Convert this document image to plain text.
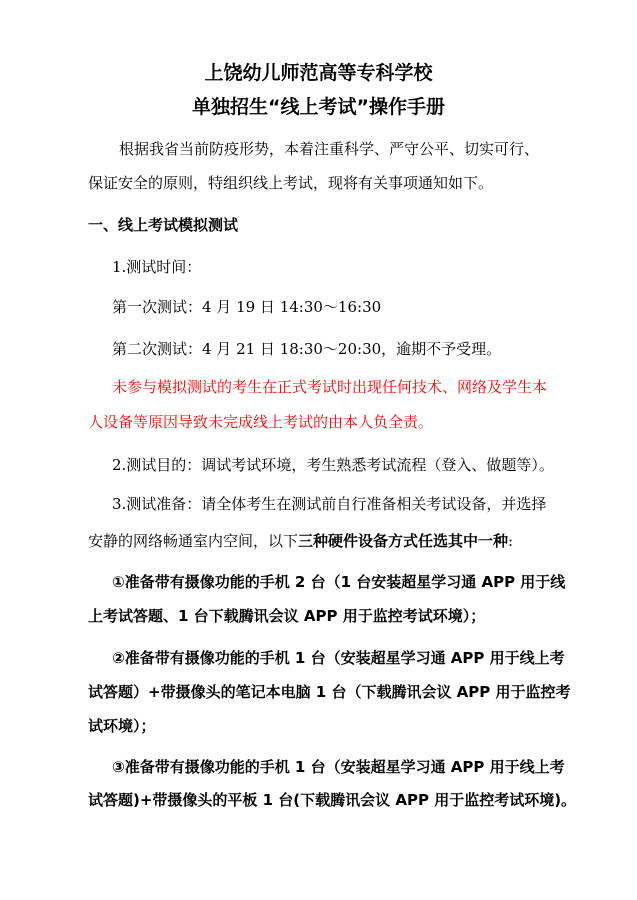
上饶幼儿师范高等专科学校
单独招生“线上考试”操作手册
根据我省当前防疫形势，本着注重科学、严守公平、切实可行、
保证安全的原则，特组织线上考试，现将有关事项通知如下。
一、线上考试模拟测试
1.测试时间：
第一次测试：4 月 19 日 14:30～16:30
第二次测试：4 月 21 日 18:30～20:30，逾期不予受理。
未参与模拟测试的考生在正式考试时出现任何技术、网络及学生本
人设备等原因导致未完成线上考试的由本人负全责。
2.测试目的：调试考试环境，考生熟悉考试流程（登入、做题等）。
3.测试准备：请全体考生在测试前自行准备相关考试设备，并选择
安静的网络畅通室内空间，以下三种硬件设备方式任选其中一种:
①准备带有摄像功能的手机 2 台（1 台安装超星学习通 APP 用于线
上考试答题、1 台下载腾讯会议 APP 用于监控考试环境）；
②准备带有摄像功能的手机 1 台（安装超星学习通 APP 用于线上考
试答题）+带摄像头的笔记本电脑 1 台（下载腾讯会议 APP 用于监控考
试环境）；
③准备带有摄像功能的手机 1 台（安装超星学习通 APP 用于线上考
试答题)+带摄像头的平板 1 台(下载腾讯会议 APP 用于监控考试环境)。
